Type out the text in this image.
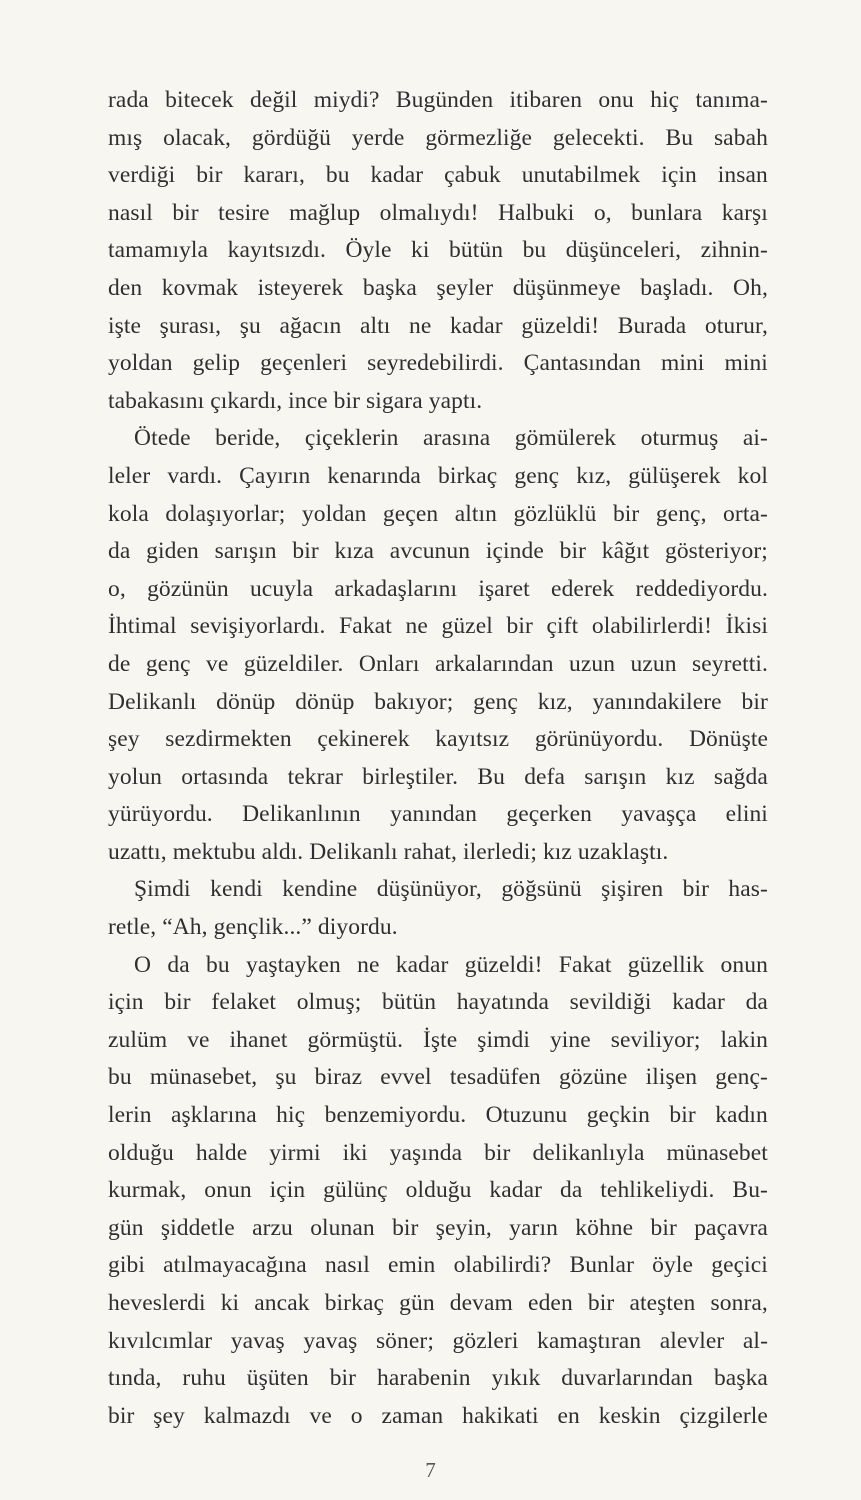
rada bitecek değil miydi? Bugünden itibaren onu hiç tanıma-
mış olacak, gördüğü yerde görmezliğe gelecekti. Bu sabah
verdiği bir kararı, bu kadar çabuk unutabilmek için insan
nasıl bir tesire mağlup olmalıydı! Halbuki o, bunlara karşı
tamamıyla kayıtsızdı. Öyle ki bütün bu düşünceleri, zihnin-
den kovmak isteyerek başka şeyler düşünmeye başladı. Oh,
işte şurası, şu ağacın altı ne kadar güzeldi! Burada oturur,
yoldan gelip geçenleri seyredebilirdi. Çantasından mini mini
tabakasını çıkardı, ince bir sigara yaptı.
Ötede beride, çiçeklerin arasına gömülerek oturmuş ai-
leler vardı. Çayırın kenarında birkaç genç kız, gülüşerek kol
kola dolaşıyorlar; yoldan geçen altın gözlüklü bir genç, orta-
da giden sarışın bir kıza avcunun içinde bir kâğıt gösteriyor;
o, gözünün ucuyla arkadaşlarını işaret ederek reddediyordu.
İhtimal sevişiyorlardı. Fakat ne güzel bir çift olabilirlerdi! İkisi
de genç ve güzeldiler. Onları arkalarından uzun uzun seyretti.
Delikanlı dönüp dönüp bakıyor; genç kız, yanındakilere bir
şey sezdirmekten çekinerek kayıtsız görünüyordu. Dönüşte
yolun ortasında tekrar birleştiler. Bu defa sarışın kız sağda
yürüyordu. Delikanlının yanından geçerken yavaşça elini
uzattı, mektubu aldı. Delikanlı rahat, ilerledi; kız uzaklaştı.
Şimdi kendi kendine düşünüyor, göğsünü şişiren bir has-
retle, “Ah, gençlik...” diyordu.
O da bu yaştayken ne kadar güzeldi! Fakat güzellik onun
için bir felaket olmuş; bütün hayatında sevildiği kadar da
zulüm ve ihanet görmüştü. İşte şimdi yine seviliyor; lakin
bu münasebet, şu biraz evvel tesadüfen gözüne ilişen genç-
lerin aşklarına hiç benzemiyordu. Otuzunu geçkin bir kadın
olduğu halde yirmi iki yaşında bir delikanlıyla münasebet
kurmak, onun için gülünç olduğu kadar da tehlikeliydi. Bu-
gün şiddetle arzu olunan bir şeyin, yarın köhne bir paçavra
gibi atılmayacağına nasıl emin olabilirdi? Bunlar öyle geçici
heveslerdi ki ancak birkaç gün devam eden bir ateşten sonra,
kıvılcımlar yavaş yavaş söner; gözleri kamaştıran alevler al-
tında, ruhu üşüten bir harabenin yıkık duvarlarından başka
bir şey kalmazdı ve o zaman hakikati en keskin çizgilerle
7
